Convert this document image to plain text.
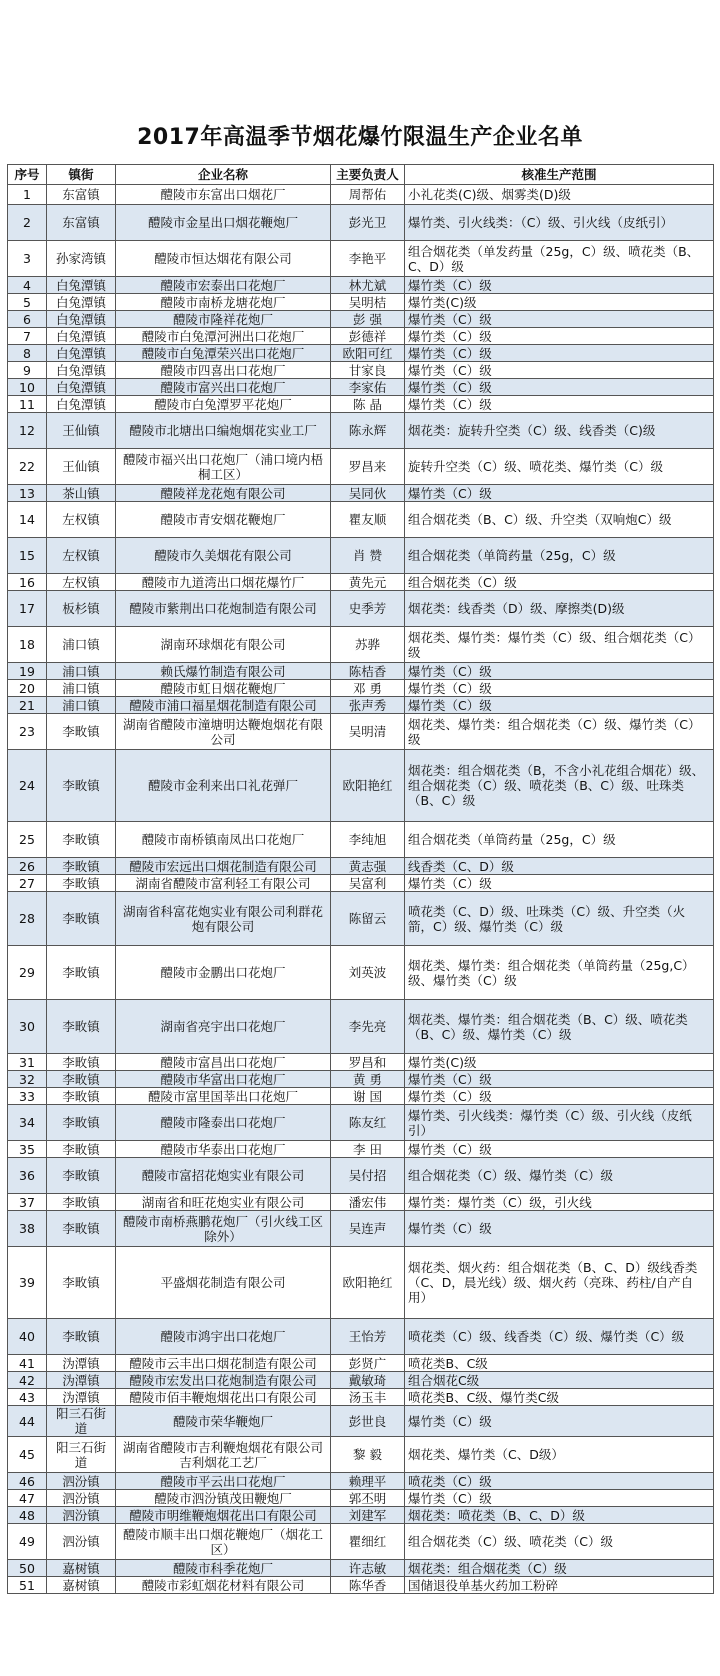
2017年高温季节烟花爆竹限温生产企业名单
序号	镇街	企业名称	主要负责人	核准生产范围
1	东富镇	醴陵市东富出口烟花厂	周帮佑	小礼花类(C)级、烟雾类(D)级
2	东富镇	醴陵市金星出口烟花鞭炮厂	彭光卫	爆竹类、引火线类：（C）级、引火线（皮纸引）
3	孙家湾镇	醴陵市恒达烟花有限公司	李艳平	组合烟花类（单发药量（25g，C）级、喷花类（B、C、D）级
4	白兔潭镇	醴陵市宏泰出口花炮厂	林尤斌	爆竹类（C）级
5	白兔潭镇	醴陵市南桥龙塘花炮厂	吴明桔	爆竹类(C)级
6	白兔潭镇	醴陵市隆祥花炮厂	彭 强	爆竹类（C）级
7	白兔潭镇	醴陵市白兔潭河洲出口花炮厂	彭德祥	爆竹类（C）级
8	白兔潭镇	醴陵市白兔潭荣兴出口花炮厂	欧阳可红	爆竹类（C）级
9	白兔潭镇	醴陵市四喜出口花炮厂	甘家良	爆竹类（C）级
10	白兔潭镇	醴陵市富兴出口花炮厂	李家佑	爆竹类（C）级
11	白兔潭镇	醴陵市白兔潭罗平花炮厂	陈 晶	爆竹类（C）级
12	王仙镇	醴陵市北塘出口编炮烟花实业工厂	陈永辉	烟花类：旋转升空类（C）级、线香类（C)级
22	王仙镇	醴陵市福兴出口花炮厂（浦口境内梧桐工区）	罗昌来	旋转升空类（C）级、喷花类、爆竹类（C）级
13	茶山镇	醴陵祥龙花炮有限公司	吴同伙	爆竹类（C）级
14	左权镇	醴陵市青安烟花鞭炮厂	瞿友顺	组合烟花类（B、C）级、升空类（双响炮C）级
15	左权镇	醴陵市久美烟花有限公司	肖 赞	组合烟花类（单筒药量（25g，C）级
16	左权镇	醴陵市九道湾出口烟花爆竹厂	黄先元	组合烟花类（C）级
17	板杉镇	醴陵市紫荆出口花炮制造有限公司	史季芳	烟花类：线香类（D）级、摩擦类(D)级
18	浦口镇	湖南环球烟花有限公司	苏骅	烟花类、爆竹类：爆竹类（C）级、组合烟花类（C）级
19	浦口镇	赖氏爆竹制造有限公司	陈桔香	爆竹类（C）级
20	浦口镇	醴陵市虹日烟花鞭炮厂	邓 勇	爆竹类（C）级
21	浦口镇	醴陵市浦口福星烟花制造有限公司	张声秀	爆竹类（C）级
23	李畋镇	湖南省醴陵市潼塘明达鞭炮烟花有限公司	吴明清	烟花类、爆竹类：组合烟花类（C）级、爆竹类（C）级
24	李畋镇	醴陵市金利来出口礼花弹厂	欧阳艳红	烟花类：组合烟花类（B，不含小礼花组合烟花）级、组合烟花类（C）级、喷花类（B、C）级、吐珠类（B、C）级
25	李畋镇	醴陵市南桥镇南凤出口花炮厂	李纯旭	组合烟花类（单筒药量（25g，C）级
26	李畋镇	醴陵市宏远出口烟花制造有限公司	黄志强	线香类（C、D）级
27	李畋镇	湖南省醴陵市富利轻工有限公司	吴富利	爆竹类（C）级
28	李畋镇	湖南省科富花炮实业有限公司利群花炮有限公司	陈留云	喷花类（C、D）级、吐珠类（C）级、升空类（火箭，C）级、爆竹类（C）级
29	李畋镇	醴陵市金鹏出口花炮厂	刘英波	烟花类、爆竹类：组合烟花类（单筒药量（25g,C）级、爆竹类（C）级
30	李畋镇	湖南省亮宇出口花炮厂	李先亮	烟花类、爆竹类：组合烟花类（B、C）级、喷花类（B、C）级、爆竹类（C）级
31	李畋镇	醴陵市富昌出口花炮厂	罗昌和	爆竹类(C)级
32	李畋镇	醴陵市华富出口花炮厂	黄 勇	爆竹类（C）级
33	李畋镇	醴陵市富里国莘出口花炮厂	谢 国	爆竹类（C）级
34	李畋镇	醴陵市隆泰出口花炮厂	陈友红	爆竹类、引火线类：爆竹类（C）级、引火线（皮纸引）
35	李畋镇	醴陵市华泰出口花炮厂	李 田	爆竹类（C）级
36	李畋镇	醴陵市富招花炮实业有限公司	吴付招	组合烟花类（C）级、爆竹类（C）级
37	李畋镇	湖南省和旺花炮实业有限公司	潘宏伟	爆竹类：爆竹类（C）级，引火线
38	李畋镇	醴陵市南桥燕鹏花炮厂（引火线工区除外）	吴连声	爆竹类（C）级
39	李畋镇	平盛烟花制造有限公司	欧阳艳红	烟花类、烟火药：组合烟花类（B、C、D）级线香类（C、D，晨光线）级、烟火药（亮珠、药柱/自产自用）
40	李畋镇	醴陵市鸿宇出口花炮厂	王怡芳	喷花类（C）级、线香类（C）级、爆竹类（C）级
41	沩潭镇	醴陵市云丰出口烟花制造有限公司	彭贤广	喷花类B、C级
42	沩潭镇	醴陵市宏发出口花炮制造有限公司	戴敏琦	组合烟花C级
43	沩潭镇	醴陵市佰丰鞭炮烟花出口有限公司	汤玉丰	喷花类B、C级、爆竹类C级
44	阳三石街道	醴陵市荣华鞭炮厂	彭世良	爆竹类（C）级
45	阳三石街道	湖南省醴陵市吉利鞭炮烟花有限公司吉利烟花工艺厂	黎 毅	烟花类、爆竹类（C、D级）
46	泗汾镇	醴陵市平云出口花炮厂	赖理平	喷花类（C）级
47	泗汾镇	醴陵市泗汾镇茂田鞭炮厂	郭丕明	爆竹类（C）级
48	泗汾镇	醴陵市明维鞭炮烟花出口有限公司	刘建军	烟花类：喷花类（B、C、D）级
49	泗汾镇	醴陵市顺丰出口烟花鞭炮厂（烟花工区）	瞿细红	组合烟花类（C）级、喷花类（C）级
50	嘉树镇	醴陵市科季花炮厂	许志敏	烟花类：组合烟花类（C）级
51	嘉树镇	醴陵市彩虹烟花材料有限公司	陈华香	国储退役单基火药加工粉碎
